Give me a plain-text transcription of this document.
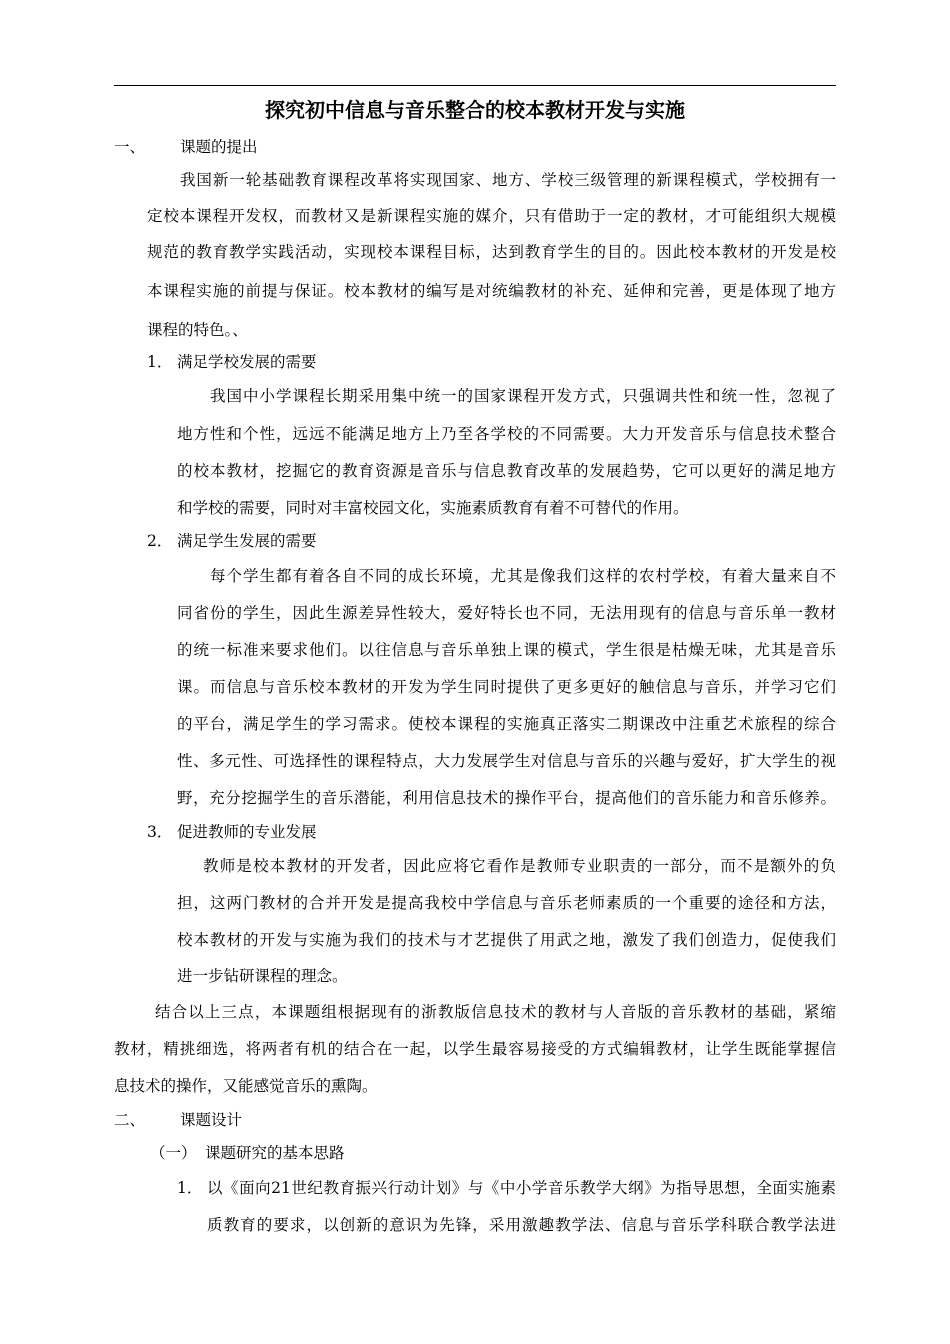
探究初中信息与音乐整合的校本教材开发与实施
一、 课题的提出
我国新一轮基础教育课程改革将实现国家、地方、学校三级管理的新课程模式，学校拥有一
定校本课程开发权，而教材又是新课程实施的媒介，只有借助于一定的教材，才可能组织大规模
规范的教育教学实践活动，实现校本课程目标，达到教育学生的目的。因此校本教材的开发是校
本课程实施的前提与保证。校本教材的编写是对统编教材的补充、延伸和完善，更是体现了地方
课程的特色。、
1． 满足学校发展的需要
我国中小学课程长期采用集中统一的国家课程开发方式，只强调共性和统一性，忽视了
地方性和个性，远远不能满足地方上乃至各学校的不同需要。大力开发音乐与信息技术整合
的校本教材，挖掘它的教育资源是音乐与信息教育改革的发展趋势，它可以更好的满足地方
和学校的需要，同时对丰富校园文化，实施素质教育有着不可替代的作用。
2． 满足学生发展的需要
每个学生都有着各自不同的成长环境，尤其是像我们这样的农村学校，有着大量来自不
同省份的学生，因此生源差异性较大，爱好特长也不同，无法用现有的信息与音乐单一教材
的统一标准来要求他们。以往信息与音乐单独上课的模式，学生很是枯燥无味，尤其是音乐
课。而信息与音乐校本教材的开发为学生同时提供了更多更好的触信息与音乐，并学习它们
的平台，满足学生的学习需求。使校本课程的实施真正落实二期课改中注重艺术旅程的综合
性、多元性、可选择性的课程特点，大力发展学生对信息与音乐的兴趣与爱好，扩大学生的视
野，充分挖掘学生的音乐潜能，利用信息技术的操作平台，提高他们的音乐能力和音乐修养。
3． 促进教师的专业发展
教师是校本教材的开发者，因此应将它看作是教师专业职责的一部分，而不是额外的负
担，这两门教材的合并开发是提高我校中学信息与音乐老师素质的一个重要的途径和方法，
校本教材的开发与实施为我们的技术与才艺提供了用武之地，激发了我们创造力，促使我们
进一步钻研课程的理念。
结合以上三点，本课题组根据现有的浙教版信息技术的教材与人音版的音乐教材的基础，紧缩
教材，精挑细选，将两者有机的结合在一起，以学生最容易接受的方式编辑教材，让学生既能掌握信
息技术的操作，又能感觉音乐的熏陶。
二、 课题设计
（一） 课题研究的基本思路
1． 以《面向21世纪教育振兴行动计划》与《中小学音乐教学大纲》为指导思想，全面实施素
质教育的要求，以创新的意识为先锋，采用激趣教学法、信息与音乐学科联合教学法进
